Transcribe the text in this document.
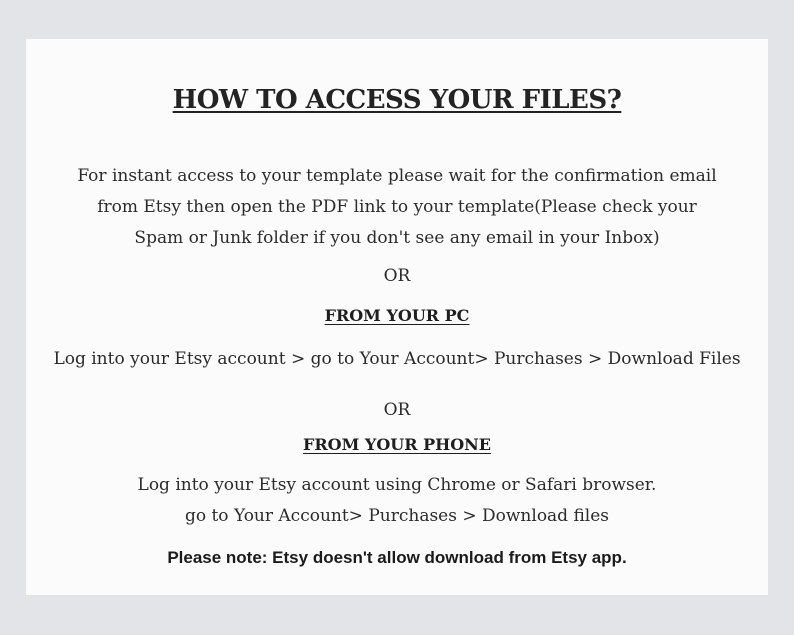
HOW TO ACCESS YOUR FILES?
For instant access to your template please wait for the confirmation email
from Etsy then open the PDF link to your template(Please check your
Spam or Junk folder if you don't see any email in your Inbox)
OR
FROM YOUR PC
Log into your Etsy account > go to Your Account> Purchases > Download Files
OR
FROM YOUR PHONE
Log into your Etsy account using Chrome or Safari browser.
go to Your Account> Purchases > Download files
Please note: Etsy doesn't allow download from Etsy app.
